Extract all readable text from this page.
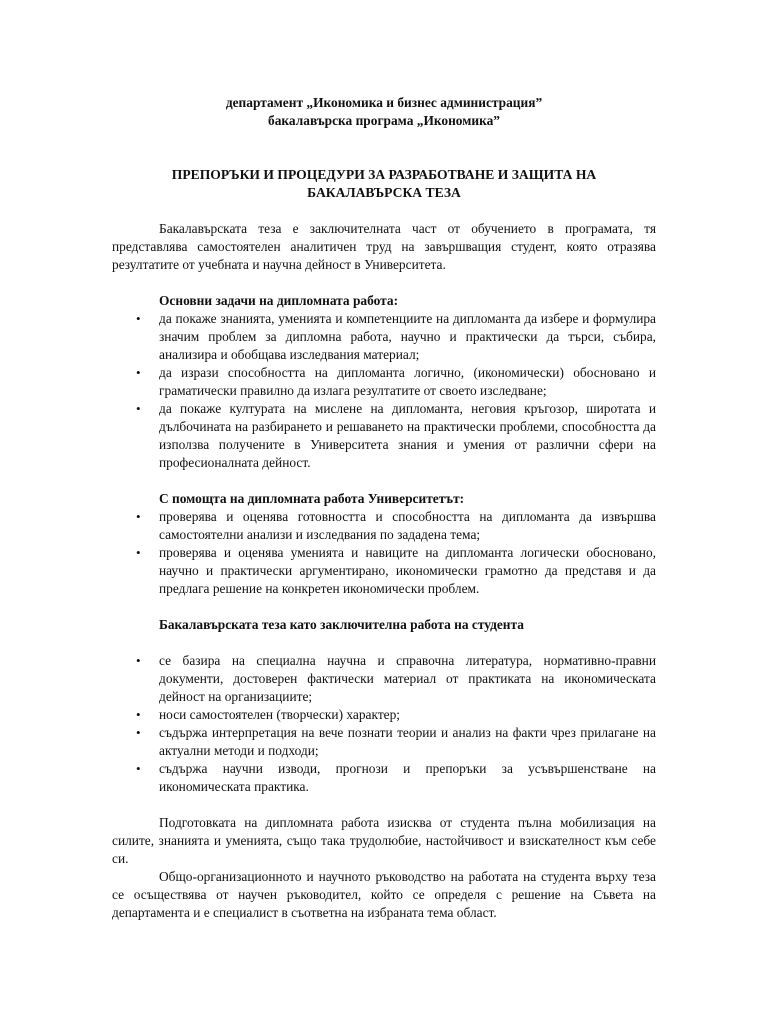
департамент „Икономика и бизнес администрация”
бакалавърска програма „Икономика”
ПРЕПОРЪКИ И ПРОЦЕДУРИ ЗА РАЗРАБОТВАНЕ И ЗАЩИТА НА
БАКАЛАВЪРСКА ТЕЗА

Бакалавърската теза е заключителната част от обучението в програмата, тя представлява самостоятелен аналитичен труд на завършващия студент, която отразява резултатите от учебната и научна дейност в Университета.

Основни задачи на дипломната работа:

• да покаже знанията, уменията и компетенциите на дипломанта да избере и формулира значим проблем за дипломна работа, научно и практически да търси, събира, анализира и обобщава изследвания материал;
• да изрази способността на дипломанта логично, (икономически) обосновано и граматически правилно да излага резултатите от своето изследване;
• да покаже културата на мислене на дипломанта, неговия кръгозор, широтата и дълбочината на разбирането и решаването на практически проблеми, способността да използва получените в Университета знания и умения от различни сфери на професионалната дейност.

С помощта на дипломната работа Университетът:

• проверява и оценява готовността и способността на дипломанта да извършва самостоятелни анализи и изследвания по зададена тема;
• проверява и оценява уменията и навиците на дипломанта логически обосновано, научно и практически аргументирано, икономически грамотно да представя и да предлага решение на конкретен икономически проблем.

Бакалавърската теза като заключителна работа на студента

• се базира на специална научна и справочна литература, нормативно-правни документи, достоверен фактически материал от практиката на икономическата дейност на организациите;
• носи самостоятелен (творчески) характер;
• съдържа интерпретация на вече познати теории и анализ на факти чрез прилагане на актуални методи и подходи;
• съдържа научни изводи, прогнози и препоръки за усъвършенстване на икономическата практика.

Подготовката на дипломната работа изисква от студента пълна мобилизация на силите, знанията и уменията, също така трудолюбие, настойчивост и взискателност към себе си.

Общо-организационното и научното ръководство на работата на студента върху теза се осъществява от научен ръководител, който се определя с решение на Съвета на департамента и е специалист в съответна на избраната тема област.
